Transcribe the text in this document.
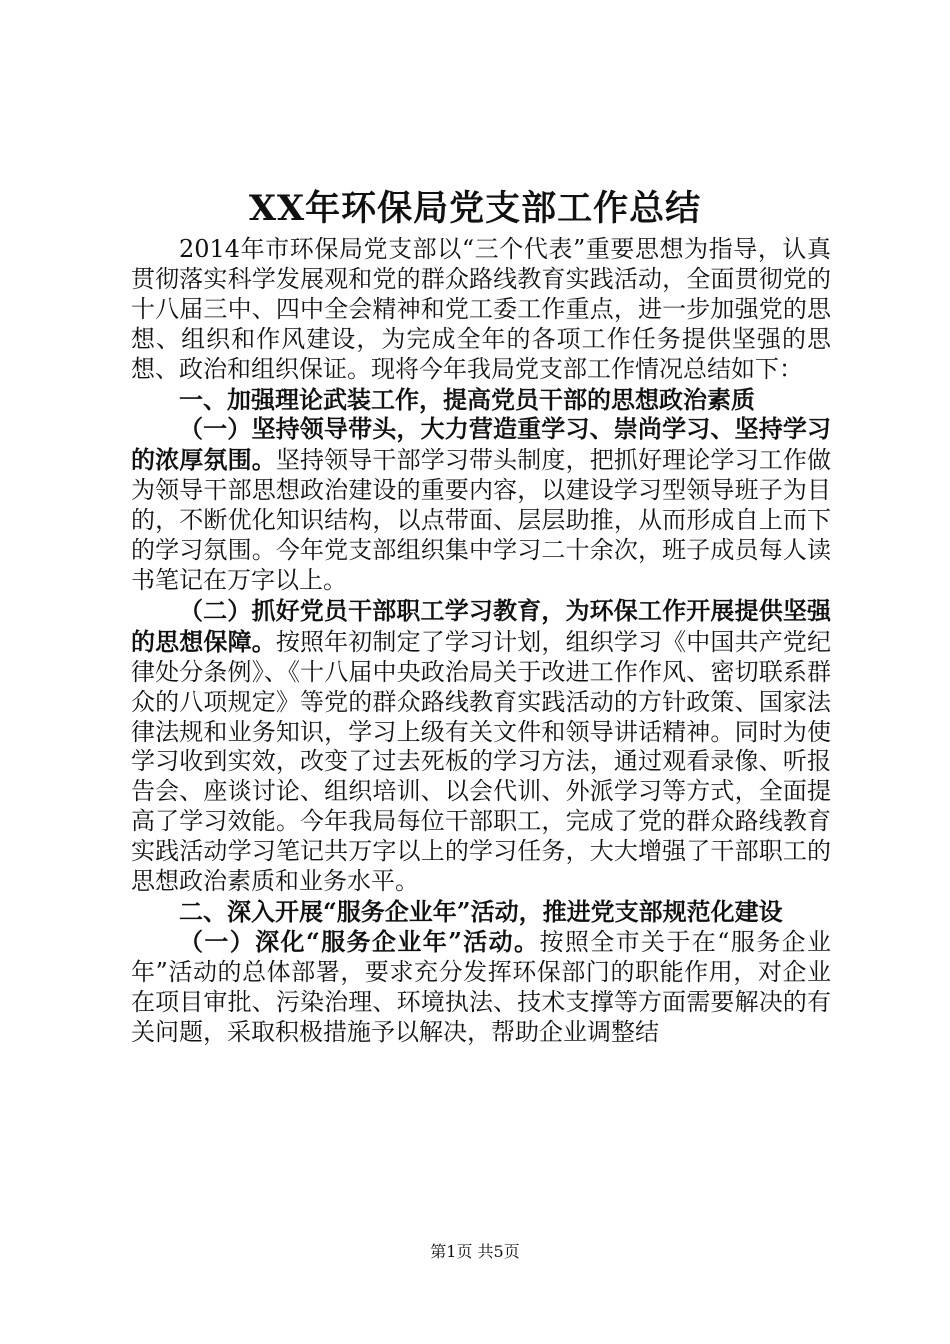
XX年环保局党支部工作总结

2014年市环保局党支部以“三个代表”重要思想为指导，认真贯彻落实科学发展观和党的群众路线教育实践活动，全面贯彻党的十八届三中、四中全会精神和党工委工作重点，进一步加强党的思想、组织和作风建设，为完成全年的各项工作任务提供坚强的思想、政治和组织保证。现将今年我局党支部工作情况总结如下：

一、加强理论武装工作，提高党员干部的思想政治素质

（一）坚持领导带头，大力营造重学习、崇尚学习、坚持学习的浓厚氛围。坚持领导干部学习带头制度，把抓好理论学习工作做为领导干部思想政治建设的重要内容，以建设学习型领导班子为目的，不断优化知识结构，以点带面、层层助推，从而形成自上而下的学习氛围。今年党支部组织集中学习二十余次，班子成员每人读书笔记在万字以上。

（二）抓好党员干部职工学习教育，为环保工作开展提供坚强的思想保障。按照年初制定了学习计划，组织学习《中国共产党纪律处分条例》、《十八届中央政治局关于改进工作作风、密切联系群众的八项规定》等党的群众路线教育实践活动的方针政策、国家法律法规和业务知识，学习上级有关文件和领导讲话精神。同时为使学习收到实效，改变了过去死板的学习方法，通过观看录像、听报告会、座谈讨论、组织培训、以会代训、外派学习等方式，全面提高了学习效能。今年我局每位干部职工，完成了党的群众路线教育实践活动学习笔记共万字以上的学习任务，大大增强了干部职工的思想政治素质和业务水平。

二、深入开展“服务企业年”活动，推进党支部规范化建设

（一）深化“服务企业年”活动。按照全市关于在“服务企业年”活动的总体部署，要求充分发挥环保部门的职能作用，对企业在项目审批、污染治理、环境执法、技术支撑等方面需要解决的有关问题，采取积极措施予以解决，帮助企业调整结

第1页 共5页
